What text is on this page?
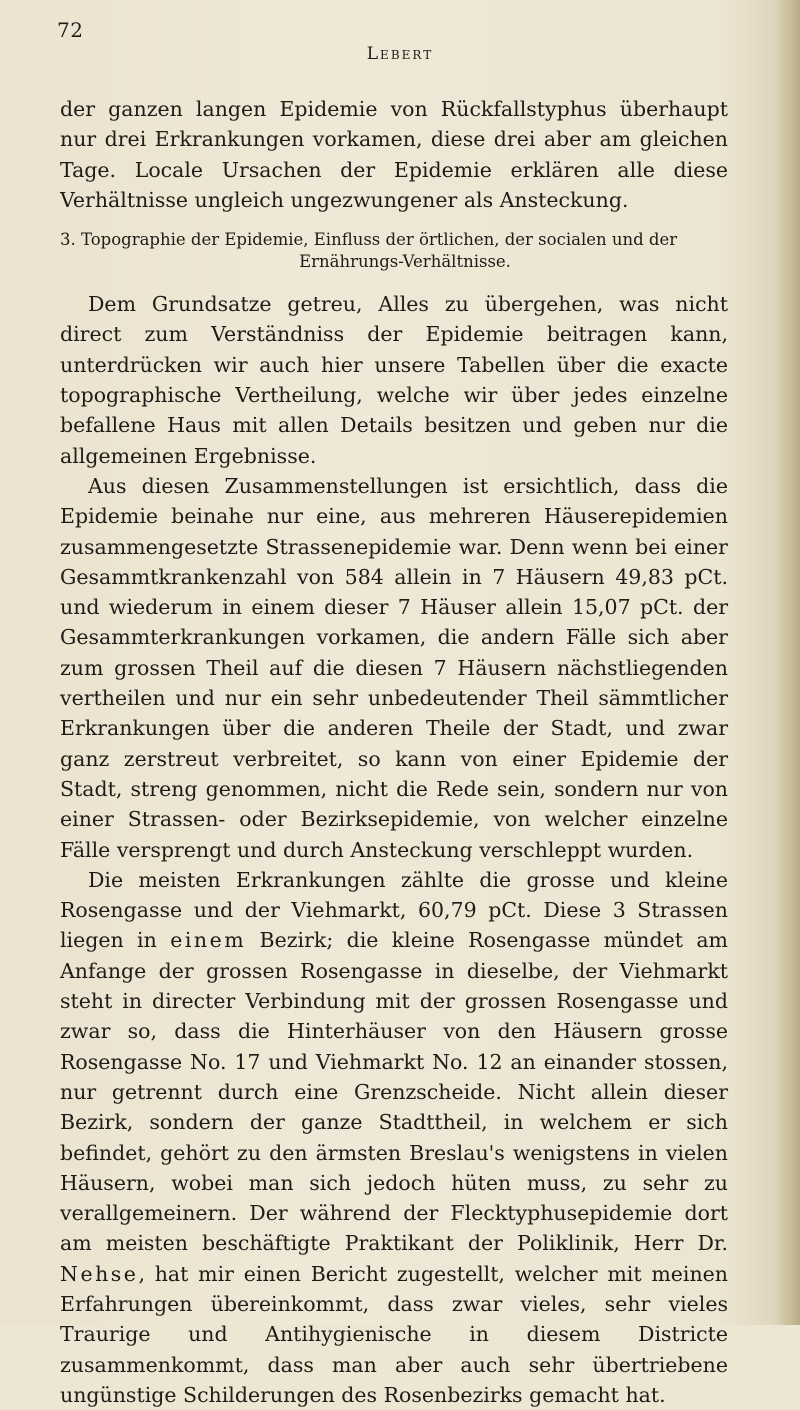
72
Lebert

der ganzen langen Epidemie von Rückfallstyphus überhaupt nur drei Erkrankungen vorkamen, diese drei aber am gleichen Tage. Locale Ursachen der Epidemie erklären alle diese Verhältnisse ungleich ungezwungener als Ansteckung.

3. Topographie der Epidemie, Einfluss der örtlichen, der socialen und der
Ernährungs-Verhältnisse.

Dem Grundsatze getreu, Alles zu übergehen, was nicht direct zum Verständniss der Epidemie beitragen kann, unterdrücken wir auch hier unsere Tabellen über die exacte topographische Vertheilung, welche wir über jedes einzelne befallene Haus mit allen Details besitzen und geben nur die allgemeinen Ergebnisse.

Aus diesen Zusammenstellungen ist ersichtlich, dass die Epidemie beinahe nur eine, aus mehreren Häuserepidemien zusammengesetzte Strassenepidemie war. Denn wenn bei einer Gesammtkrankenzahl von 584 allein in 7 Häusern 49,83 pCt. und wiederum in einem dieser 7 Häuser allein 15,07 pCt. der Gesammterkrankungen vorkamen, die andern Fälle sich aber zum grossen Theil auf die diesen 7 Häusern nächstliegenden vertheilen und nur ein sehr unbedeutender Theil sämmtlicher Erkrankungen über die anderen Theile der Stadt, und zwar ganz zerstreut verbreitet, so kann von einer Epidemie der Stadt, streng genommen, nicht die Rede sein, sondern nur von einer Strassen- oder Bezirksepidemie, von welcher einzelne Fälle versprengt und durch Ansteckung verschleppt wurden.

Die meisten Erkrankungen zählte die grosse und kleine Rosengasse und der Viehmarkt, 60,79 pCt. Diese 3 Strassen liegen in einem Bezirk; die kleine Rosengasse mündet am Anfange der grossen Rosengasse in dieselbe, der Viehmarkt steht in directer Verbindung mit der grossen Rosengasse und zwar so, dass die Hinterhäuser von den Häusern grosse Rosengasse No. 17 und Viehmarkt No. 12 an einander stossen, nur getrennt durch eine Grenzscheide. Nicht allein dieser Bezirk, sondern der ganze Stadttheil, in welchem er sich befindet, gehört zu den ärmsten Breslau's wenigstens in vielen Häusern, wobei man sich jedoch hüten muss, zu sehr zu verallgemeinern. Der während der Flecktyphusepidemie dort am meisten beschäftigte Praktikant der Poliklinik, Herr Dr. Nehse, hat mir einen Bericht zugestellt, welcher mit meinen Erfahrungen übereinkommt, dass zwar vieles, sehr vieles Traurige und Antihygienische in diesem Districte zusammenkommt, dass man aber auch sehr übertriebene ungünstige Schilderungen des Rosenbezirks gemacht hat.
